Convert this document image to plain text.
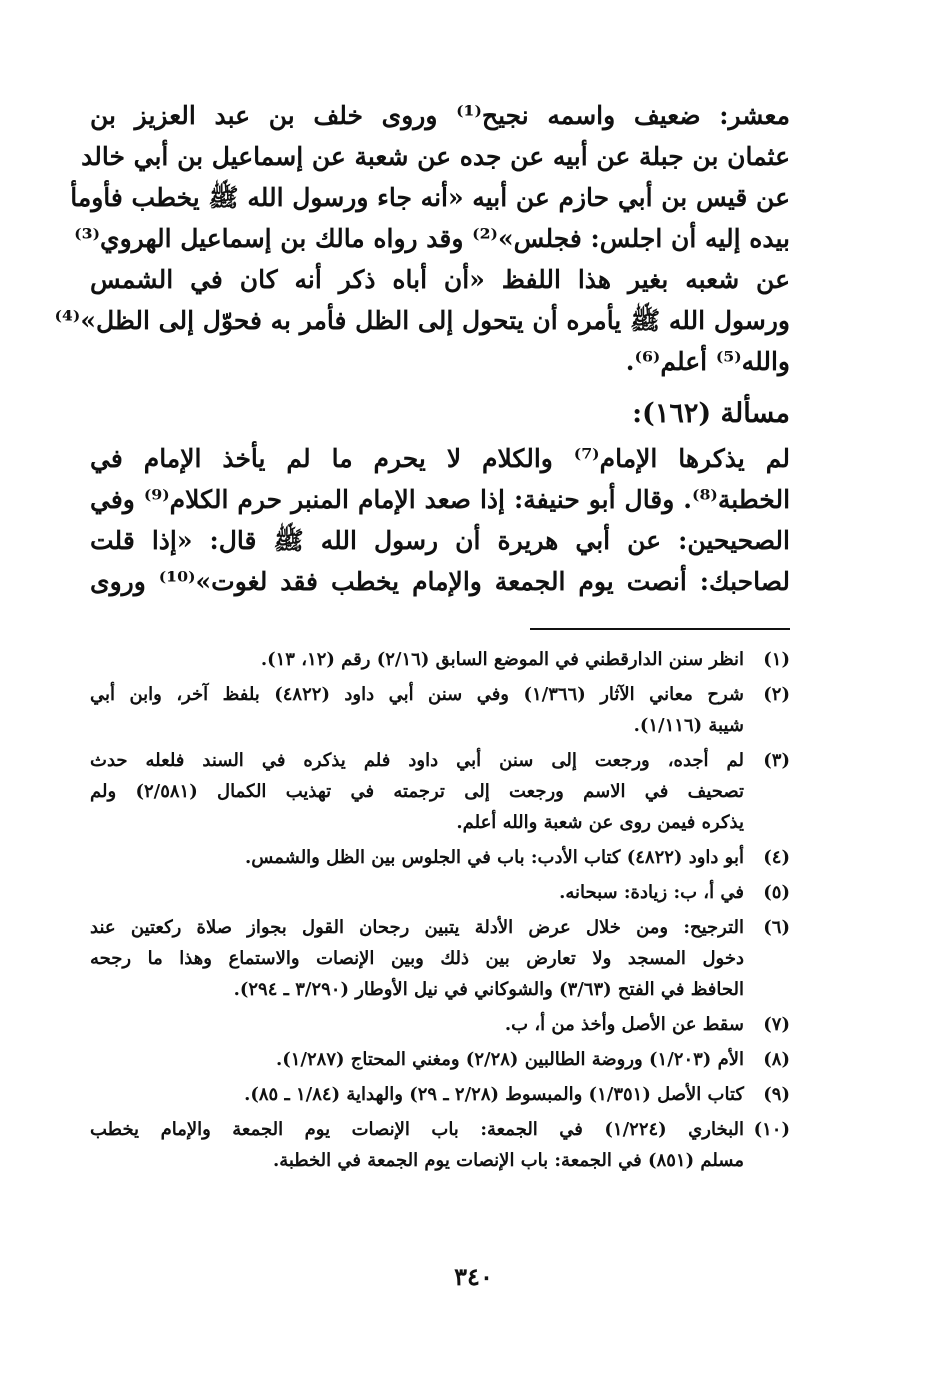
معشر: ضعيف واسمه نجيح⁽¹⁾ وروى خلف بن عبد العزيز بن
عثمان بن جبلة عن أبيه عن جده عن شعبة عن إسماعيل بن أبي خالد
عن قيس بن أبي حازم عن أبيه «أنه جاء ورسول الله ﷺ يخطب فأومأ
بيده إليه أن اجلس: فجلس»⁽²⁾ وقد رواه مالك بن إسماعيل الهروي⁽³⁾
عن شعبه بغير هذا اللفظ «أن أباه ذكر أنه كان في الشمس
ورسول الله ﷺ يأمره أن يتحول إلى الظل فأمر به فحوّل إلى الظل»⁽⁴⁾
والله⁽⁵⁾ أعلم⁽⁶⁾.
مسألة (١٦٢):
لم يذكرها الإمام⁽⁷⁾ والكلام لا يحرم ما لم يأخذ الإمام في
الخطبة⁽⁸⁾. وقال أبو حنيفة: إذا صعد الإمام المنبر حرم الكلام⁽⁹⁾ وفي
الصحيحين: عن أبي هريرة أن رسول الله ﷺ قال: «إذا قلت
لصاحبك: أنصت يوم الجمعة والإمام يخطب فقد لغوت»⁽¹⁰⁾ وروى
(١)
انظر سنن الدارقطني في الموضع السابق (٢/١٦) رقم (١٢، ١٣).
(٢)
شرح معاني الآثار (١/٣٦٦) وفي سنن أبي داود (٤٨٢٢) بلفظ آخر، وابن أبي
شيبة (١/١١٦).
(٣)
لم أجده، ورجعت إلى سنن أبي داود فلم يذكره في السند فلعله حدث
تصحيف في الاسم ورجعت إلى ترجمته في تهذيب الكمال (٢/٥٨١) ولم
يذكره فيمن روى عن شعبة والله أعلم.
(٤)
أبو داود (٤٨٢٢) كتاب الأدب: باب في الجلوس بين الظل والشمس.
(٥)
في أ، ب: زيادة: سبحانه.
(٦)
الترجيح: ومن خلال عرض الأدلة يتبين رجحان القول بجواز صلاة ركعتين عند
دخول المسجد ولا تعارض بين ذلك وبين الإنصات والاستماع وهذا ما رجحه
الحافظ في الفتح (٣/٦٣) والشوكاني في نيل الأوطار (٣/٢٩٠ ـ ٢٩٤).
(٧)
سقط عن الأصل وأخذ من أ، ب.
(٨)
الأم (١/٢٠٣) وروضة الطالبين (٢/٢٨) ومغني المحتاج (١/٢٨٧).
(٩)
كتاب الأصل (١/٣٥١) والمبسوط (٢/٢٨ ـ ٢٩) والهداية (١/٨٤ ـ ٨٥).
(١٠)
البخاري (١/٢٢٤) في الجمعة: باب الإنصات يوم الجمعة والإمام يخطب
مسلم (٨٥١) في الجمعة: باب الإنصات يوم الجمعة في الخطبة.
٣٤٠
